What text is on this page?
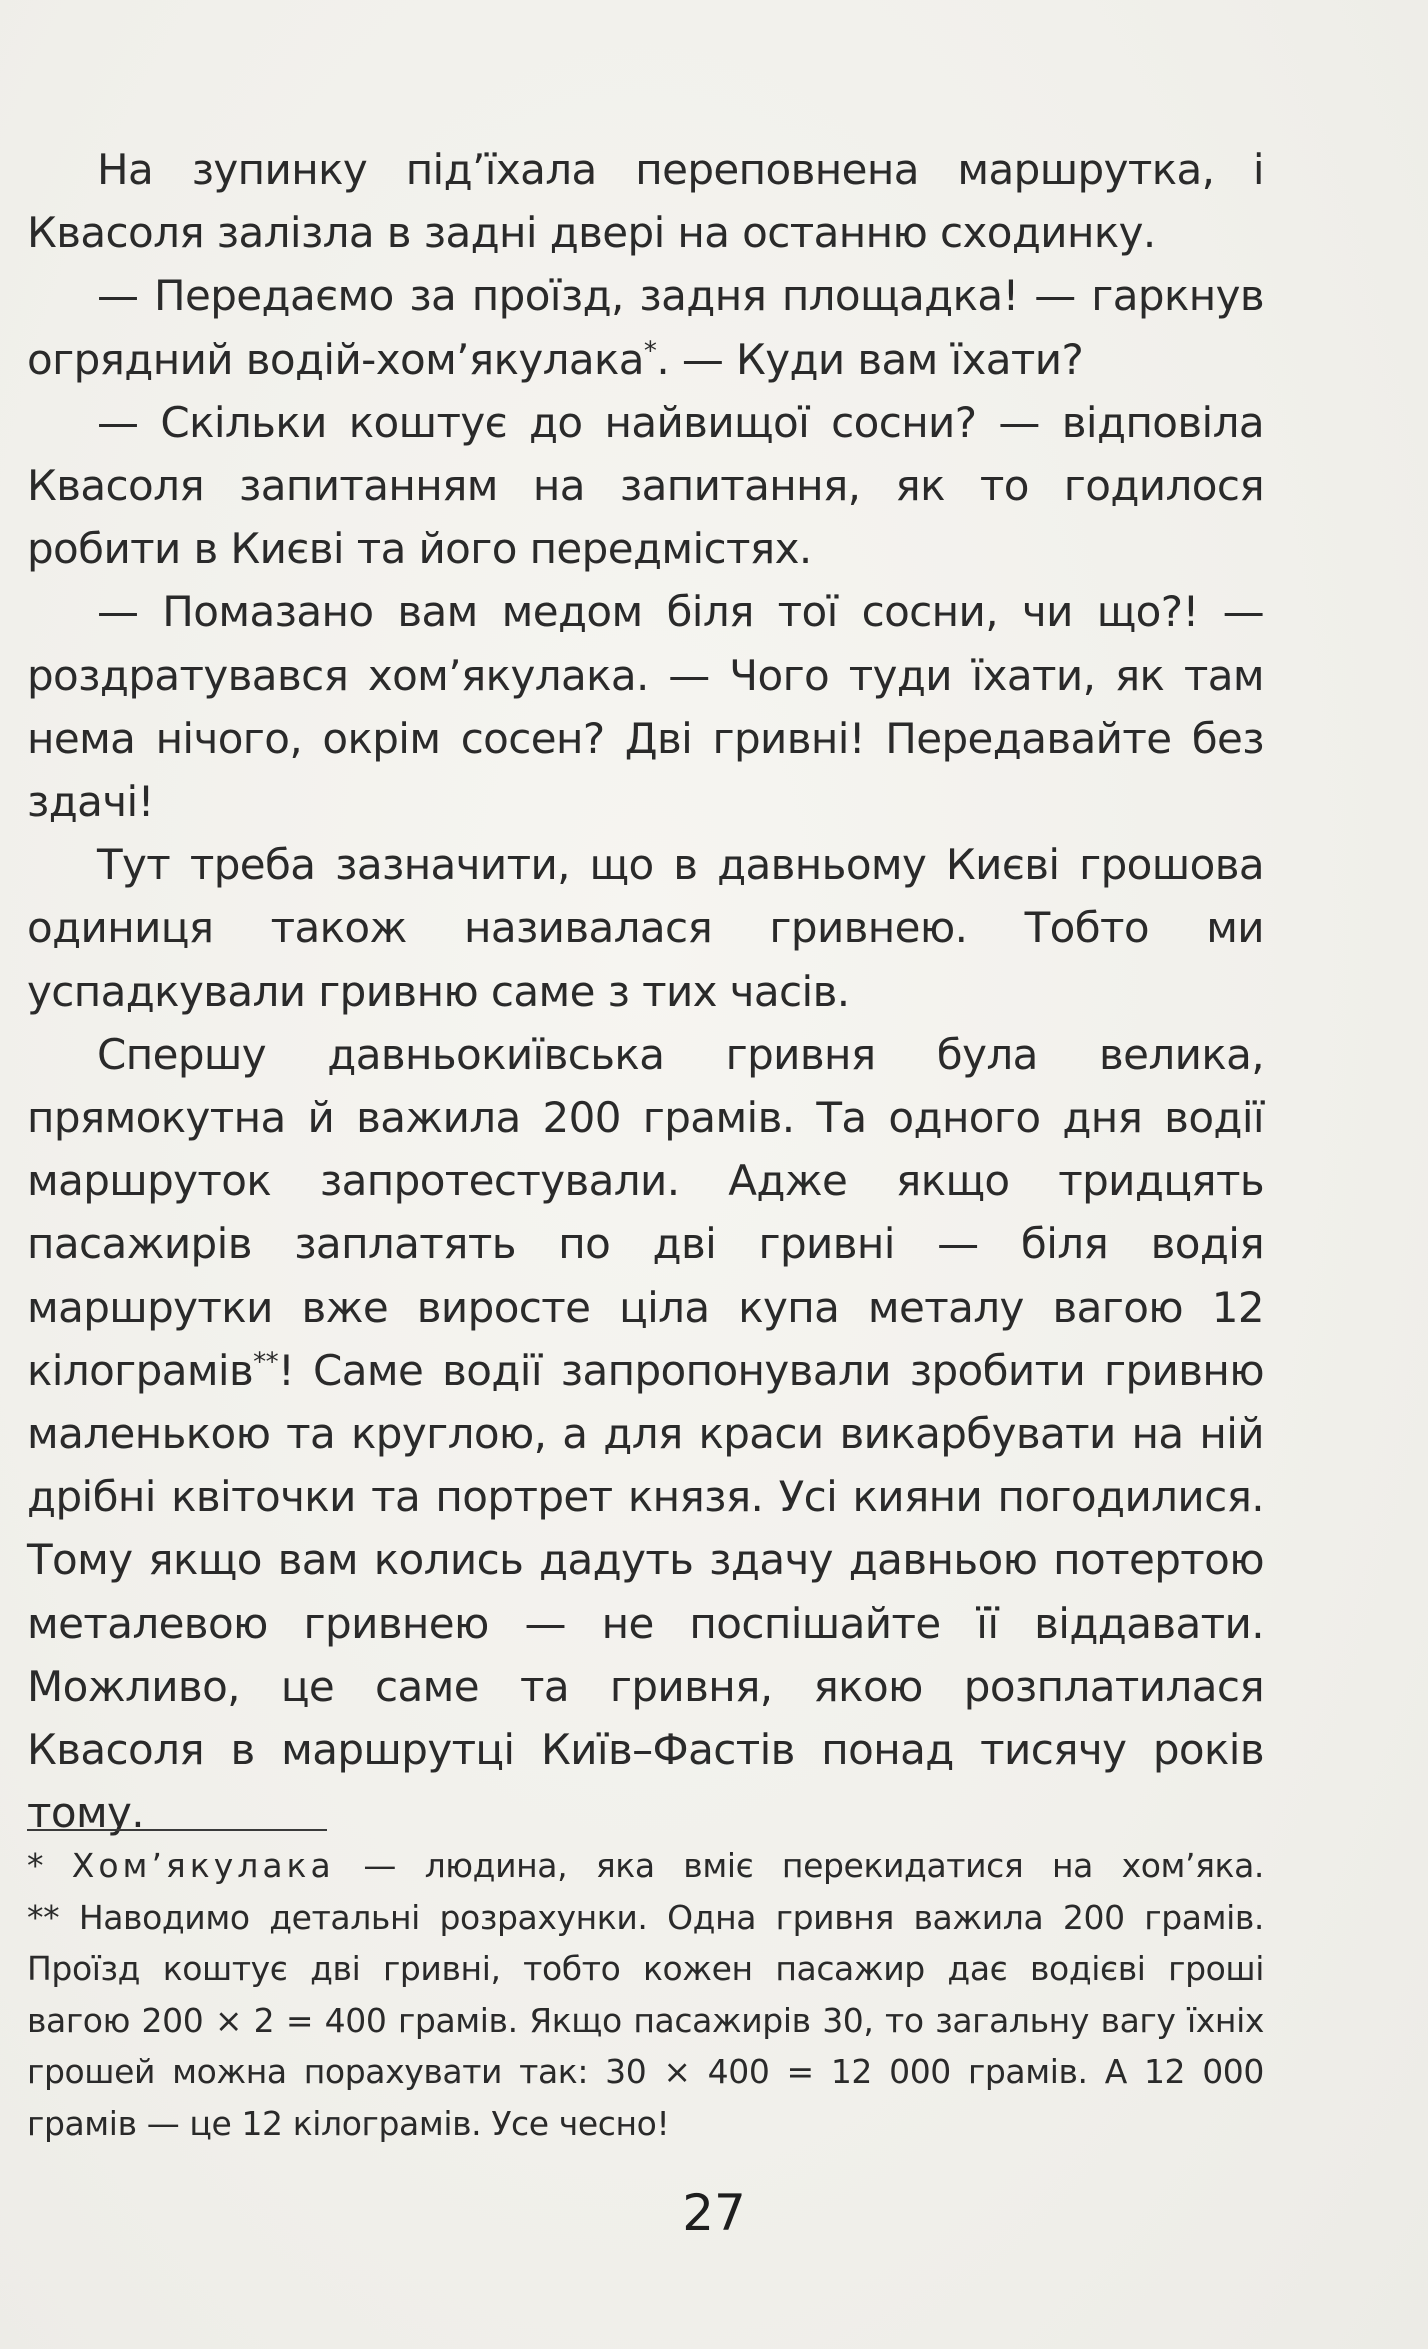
На зупинку під’їхала переповнена маршрутка, і Квасоля залізла в задні двері на останню сходинку.

— Передаємо за проїзд, задня площадка! — гаркнув огрядний водій-хом’якулака*. — Куди вам їхати?

— Скільки коштує до найвищої сосни? — відповіла Квасоля запитанням на запитання, як то годилося робити в Києві та його передмістях.

— Помазано вам медом біля тої сосни, чи що?! — роздратувався хом’якулака. — Чого туди їхати, як там нема нічого, окрім сосен? Дві гривні! Передавайте без здачі!

Тут треба зазначити, що в давньому Києві грошова одиниця також називалася гривнею. Тобто ми успадкували гривню саме з тих часів.

Спершу давньокиївська гривня була велика, прямокутна й важила 200 грамів. Та одного дня водії маршруток запротестували. Адже якщо тридцять пасажирів заплатять по дві гривні — біля водія маршрутки вже виросте ціла купа металу вагою 12 кілограмів**! Саме водії запропонували зробити гривню маленькою та круглою, а для краси викарбувати на ній дрібні квіточки та портрет князя. Усі кияни погодилися. Тому якщо вам колись дадуть здачу давньою потертою металевою гривнею — не поспішайте її віддавати. Можливо, це саме та гривня, якою розплатилася Квасоля в маршрутці Київ–Фастів понад тисячу років тому.

* Хом’якулака — людина, яка вміє перекидатися на хом’яка.

** Наводимо детальні розрахунки. Одна гривня важила 200 грамів. Проїзд коштує дві гривні, тобто кожен пасажир дає водієві гроші вагою 200 × 2 = 400 грамів. Якщо пасажирів 30, то загальну вагу їхніх грошей можна порахувати так: 30 × 400 = 12 000 грамів. А 12 000 грамів — це 12 кілограмів. Усе чесно!

27
